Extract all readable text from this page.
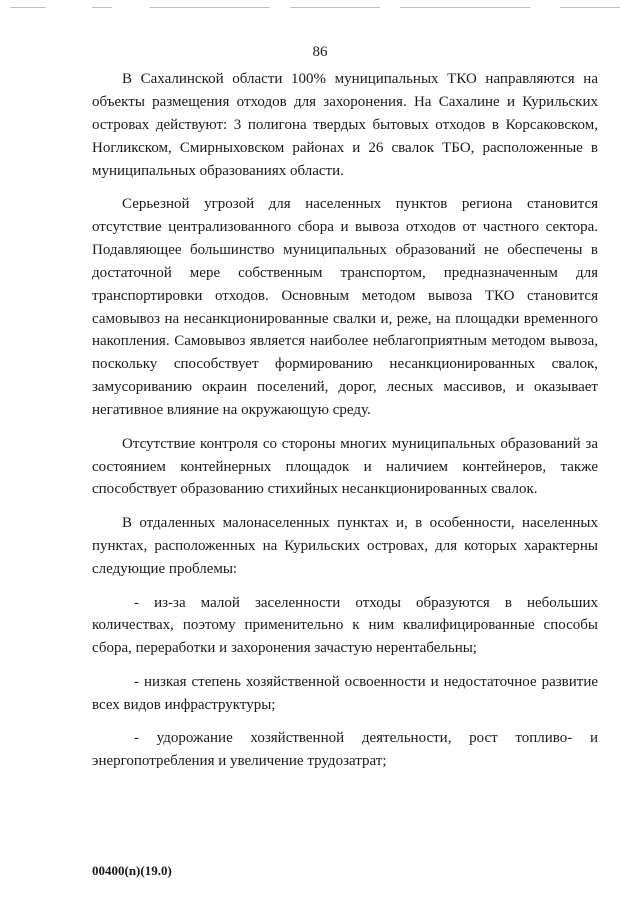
86

В Сахалинской области 100% муниципальных ТКО направляются на объекты размещения отходов для захоронения. На Сахалине и Курильских островах действуют: 3 полигона твердых бытовых отходов в Корсаковском, Ногликском, Смирныховском районах и 26 свалок ТБО, расположенные в муниципальных образованиях области.

Серьезной угрозой для населенных пунктов региона становится отсутствие централизованного сбора и вывоза отходов от частного сектора. Подавляющее большинство муниципальных образований не обеспечены в достаточной мере собственным транспортом, предназначенным для транспортировки отходов. Основным методом вывоза ТКО становится самовывоз на несанкционированные свалки и, реже, на площадки временного накопления. Самовывоз является наиболее неблагоприятным методом вывоза, поскольку способствует формированию несанкционированных свалок, замусориванию окраин поселений, дорог, лесных массивов, и оказывает негативное влияние на окружающую среду.

Отсутствие контроля со стороны многих муниципальных образований за состоянием контейнерных площадок и наличием контейнеров, также способствует образованию стихийных несанкционированных свалок.

В отдаленных малонаселенных пунктах и, в особенности, населенных пунктах, расположенных на Курильских островах, для которых характерны следующие проблемы:

- из-за малой заселенности отходы образуются в небольших количествах, поэтому применительно к ним квалифицированные способы сбора, переработки и захоронения зачастую нерентабельны;

- низкая степень хозяйственной освоенности и недостаточное развитие всех видов инфраструктуры;

- удорожание хозяйственной деятельности, рост топливо- и энергопотребления и увеличение трудозатрат;

00400(n)(19.0)
